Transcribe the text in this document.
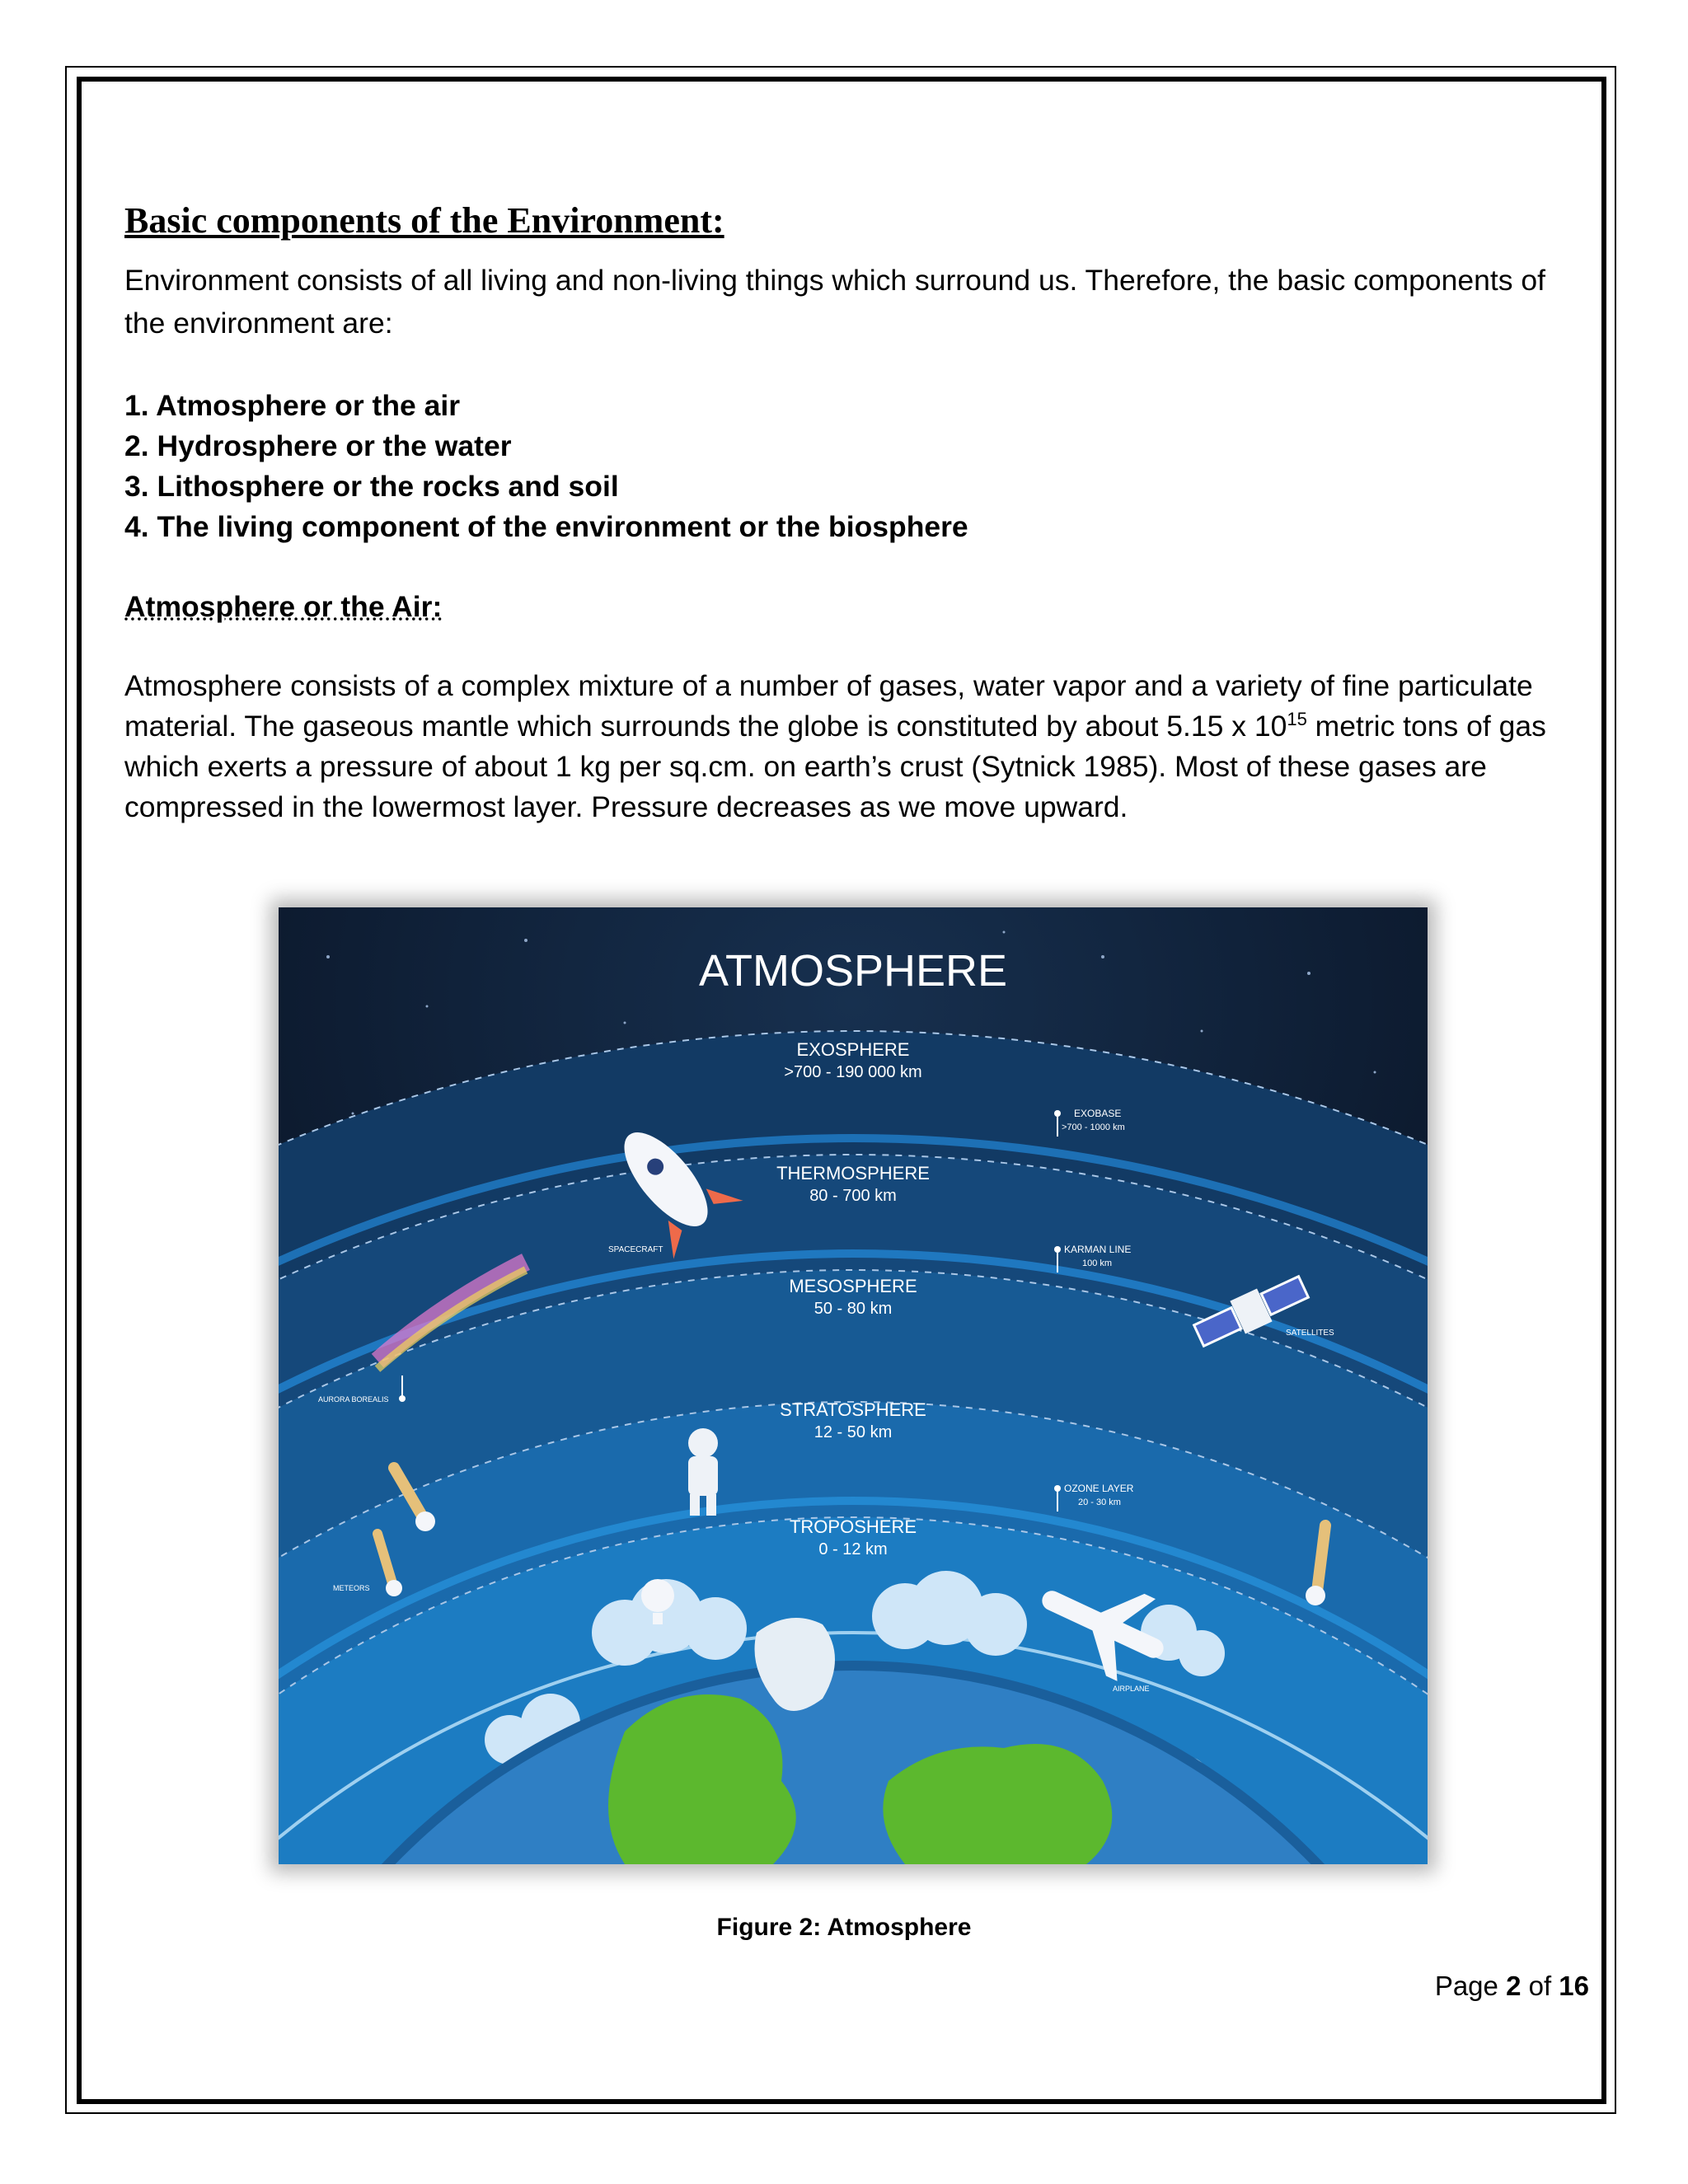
Basic components of the Environment:

Environment consists of all living and non-living things which surround us. Therefore, the basic components of the environment are:

1. Atmosphere or the air
2. Hydrosphere or the water
3. Lithosphere or the rocks and soil
4. The living component of the environment or the biosphere
Atmosphere or the Air:

Atmosphere consists of a complex mixture of a number of gases, water vapor and a variety of fine particulate material. The gaseous mantle which surrounds the globe is constituted by about 5.15 x $10^{15}$ metric tons of gas which exerts a pressure of about 1 kg per sq.cm. on earth’s crust (Sytnick 1985). Most of these gases are compressed in the lowermost layer. Pressure decreases as we move upward.

ATMOSPHERE
EXOSPHERE
>700 - 190 000 km
THERMOSPHERE
80 - 700 km
MESOSPHERE
50 - 80 km
STRATOSPHERE
12 - 50 km
TROPOSHERE
0 - 12 km
EXOBASE
>700 - 1000 km
KARMAN LINE
100 km
OZONE LAYER
20 - 30 km
SPACECRAFT
SATELLITES
AURORA BOREALIS
METEORS
AIRPLANE
Figure 2: Atmosphere
Page 2 of 16
